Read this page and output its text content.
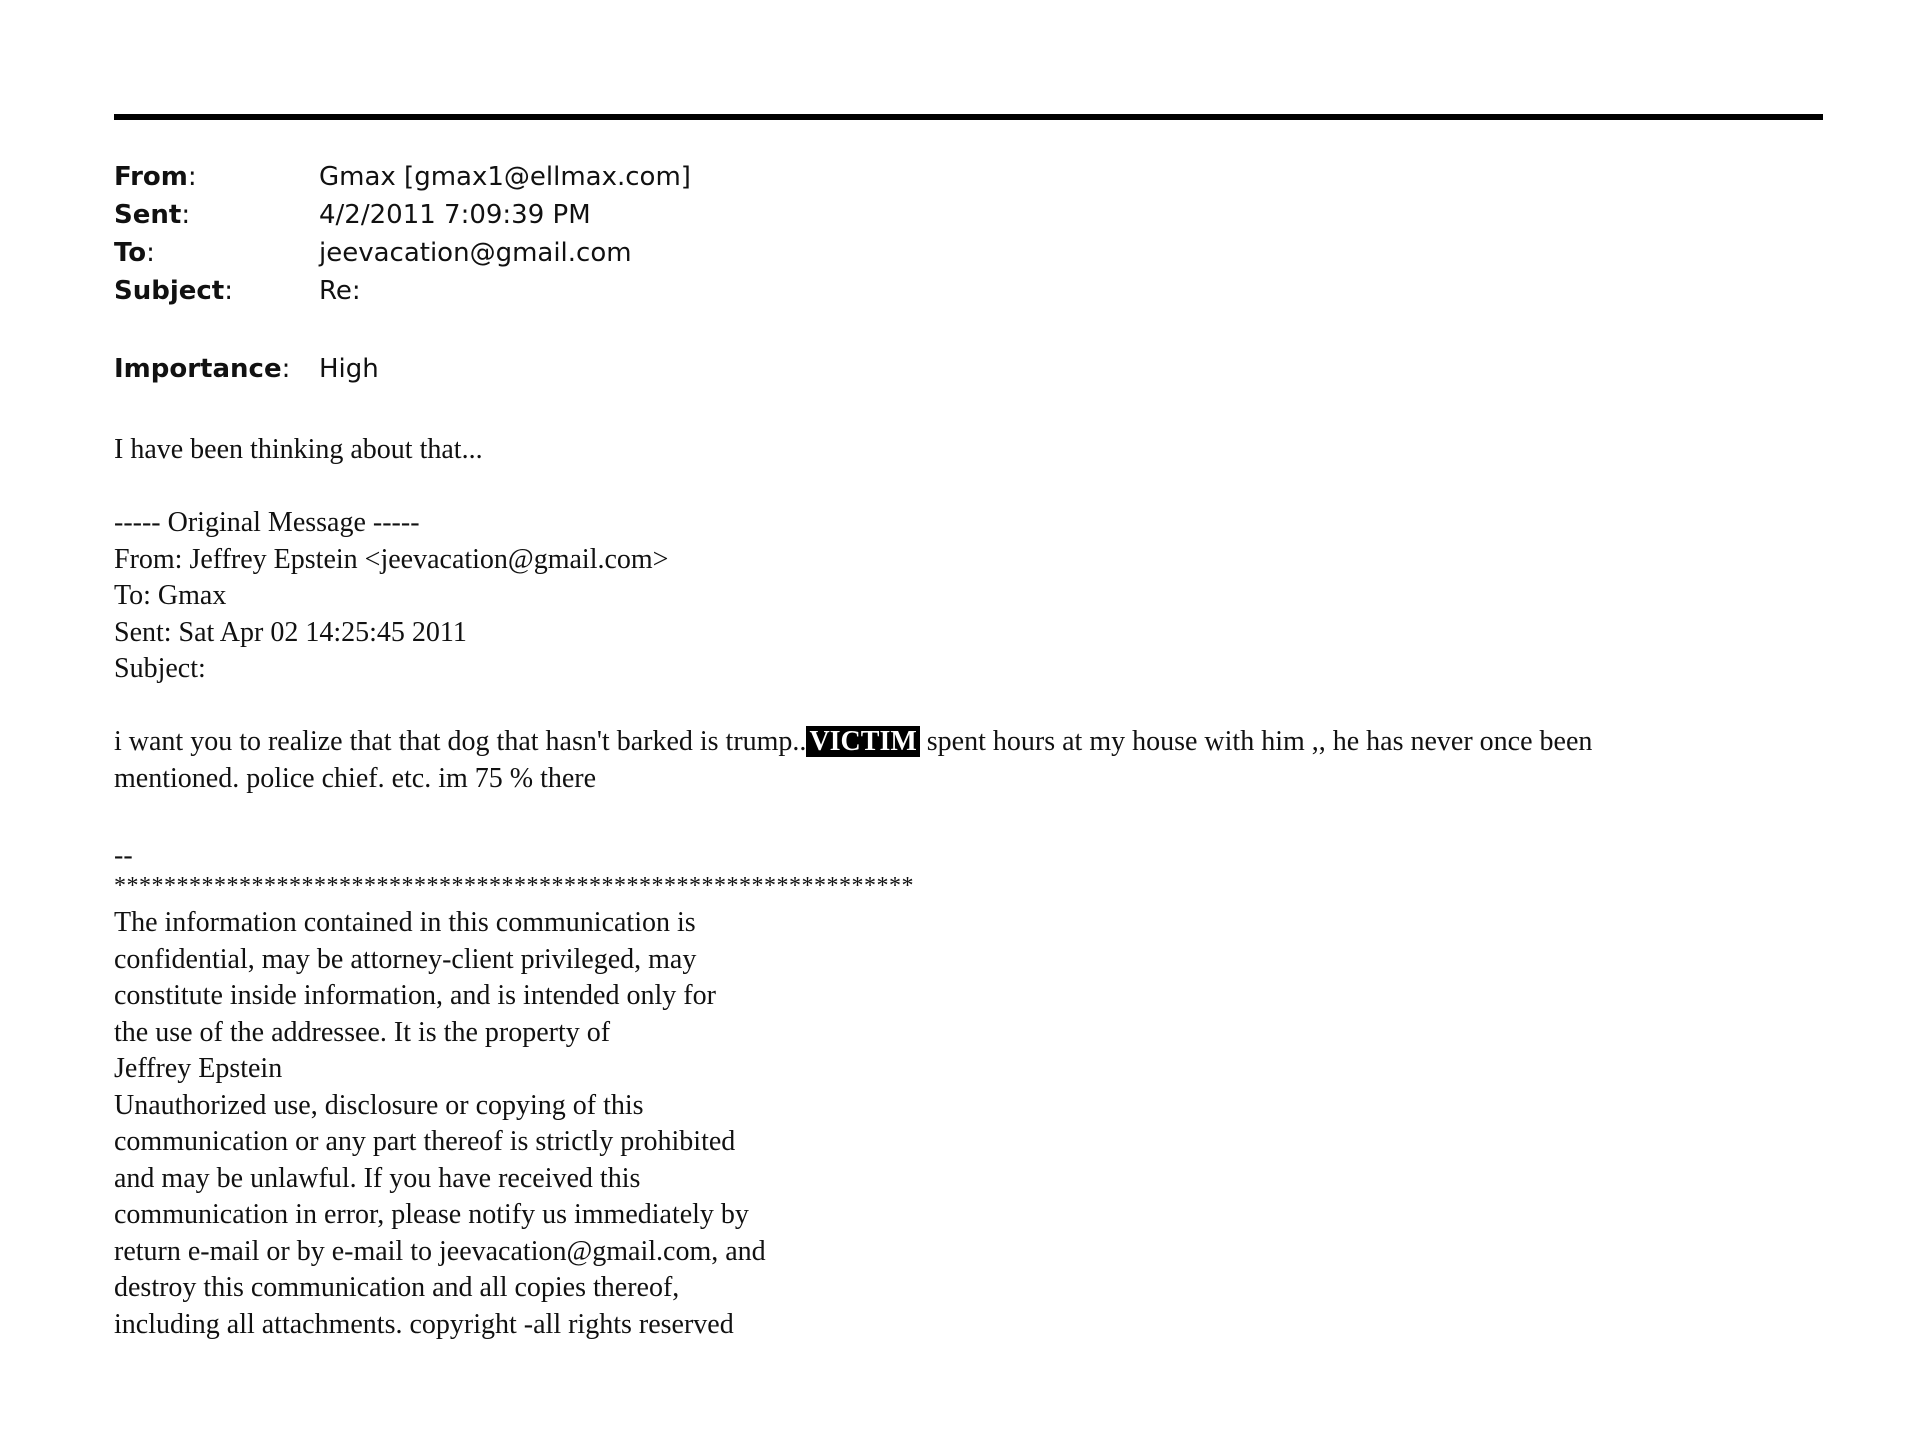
From:	Gmax [gmax1@ellmax.com]
Sent:	4/2/2011 7:09:39 PM
To:	jeevacation@gmail.com
Subject:	Re:
Importance: High
I have been thinking about that...
----- Original Message -----
From: Jeffrey Epstein <jeevacation@gmail.com>
To: Gmax
Sent: Sat Apr 02 14:25:45 2011
Subject:
i want you to realize that that dog that hasn't barked is trump.. VICTIM spent hours at my house with him ,, he has never once been
mentioned. police chief. etc. im 75 % there
--
****************************************************************
The information contained in this communication is
confidential, may be attorney-client privileged, may
constitute inside information, and is intended only for
the use of the addressee. It is the property of
Jeffrey Epstein
Unauthorized use, disclosure or copying of this
communication or any part thereof is strictly prohibited
and may be unlawful. If you have received this
communication in error, please notify us immediately by
return e-mail or by e-mail to jeevacation@gmail.com, and
destroy this communication and all copies thereof,
including all attachments. copyright -all rights reserved
